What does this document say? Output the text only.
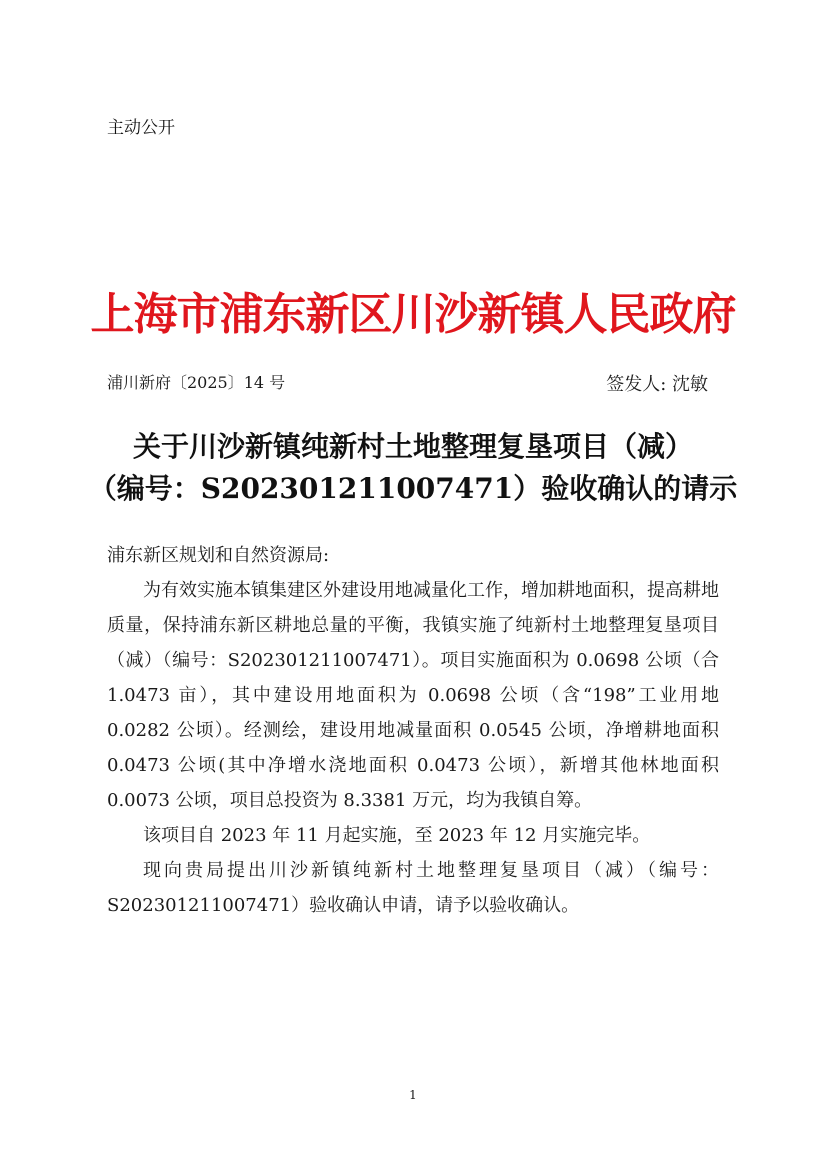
主动公开
上海市浦东新区川沙新镇人民政府
浦川新府〔2025〕14 号	签发人: 沈敏
关于川沙新镇纯新村土地整理复垦项目（减）
（编号：S202301211007471）验收确认的请示

浦东新区规划和自然资源局:

为有效实施本镇集建区外建设用地减量化工作，增加耕地面积，提高耕地质量，保持浦东新区耕地总量的平衡，我镇实施了纯新村土地整理复垦项目（减）（编号：S202301211007471）。项目实施面积为 0.0698 公顷（合 1.0473 亩），其中建设用地面积为 0.0698 公顷（含“198”工业用地 0.0282 公顷）。经测绘，建设用地减量面积 0.0545 公顷，净增耕地面积 0.0473 公顷(其中净增水浇地面积 0.0473 公顷），新增其他林地面积 0.0073 公顷，项目总投资为 8.3381 万元，均为我镇自筹。

该项目自 2023 年 11 月起实施，至 2023 年 12 月实施完毕。

现向贵局提出川沙新镇纯新村土地整理复垦项目（减）（编号：S202301211007471）验收确认申请，请予以验收确认。

1
